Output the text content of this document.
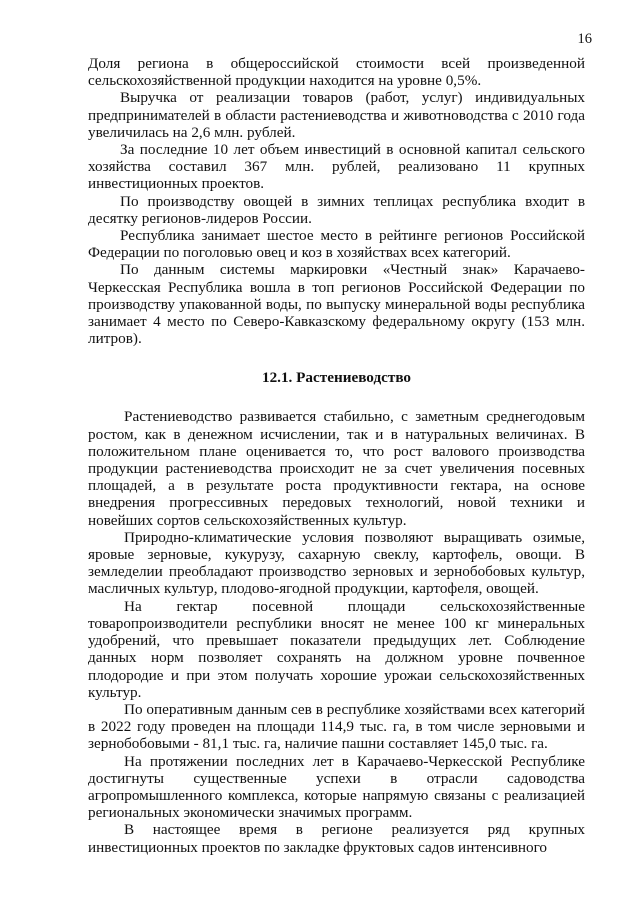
16

Доля региона в общероссийской стоимости всей произведенной сельскохозяйственной продукции находится на уровне 0,5%.

Выручка от реализации товаров (работ, услуг) индивидуальных предпринимателей в области растениеводства и животноводства с 2010 года увеличилась на 2,6 млн. рублей.

За последние 10 лет объем инвестиций в основной капитал сельского хозяйства составил 367 млн. рублей, реализовано 11 крупных инвестиционных проектов.

По производству овощей в зимних теплицах республика входит в десятку регионов-лидеров России.

Республика занимает шестое место в рейтинге регионов Российской Федерации по поголовью овец и коз в хозяйствах всех категорий.

По данным системы маркировки «Честный знак» Карачаево-Черкесская Республика вошла в топ регионов Российской Федерации по производству упакованной воды, по выпуску минеральной воды республика занимает 4 место по Северо-Кавказскому федеральному округу (153 млн. литров).

12.1. Растениеводство

Растениеводство развивается стабильно, с заметным среднегодовым ростом, как в денежном исчислении, так и в натуральных величинах. В положительном плане оценивается то, что рост валового производства продукции растениеводства происходит не за счет увеличения посевных площадей, а в результате роста продуктивности гектара, на основе внедрения прогрессивных передовых технологий, новой техники и новейших сортов сельскохозяйственных культур.

Природно-климатические условия позволяют выращивать озимые, яровые зерновые, кукурузу, сахарную свеклу, картофель, овощи. В земледелии преобладают производство зерновых и зернобобовых культур, масличных культур, плодово-ягодной продукции, картофеля, овощей.

На гектар посевной площади сельскохозяйственные товаропроизводители республики вносят не менее 100 кг минеральных удобрений, что превышает показатели предыдущих лет. Соблюдение данных норм позволяет сохранять на должном уровне почвенное плодородие и при этом получать хорошие урожаи сельскохозяйственных культур.

По оперативным данным сев в республике хозяйствами всех категорий в 2022 году проведен на площади 114,9 тыс. га, в том числе зерновыми и зернобобовыми - 81,1 тыс. га, наличие пашни составляет 145,0 тыс. га.

На протяжении последних лет в Карачаево-Черкесской Республике достигнуты существенные успехи в отрасли садоводства агропромышленного комплекса, которые напрямую связаны с реализацией региональных экономически значимых программ.

В настоящее время в регионе реализуется ряд крупных инвестиционных проектов по закладке фруктовых садов интенсивного
